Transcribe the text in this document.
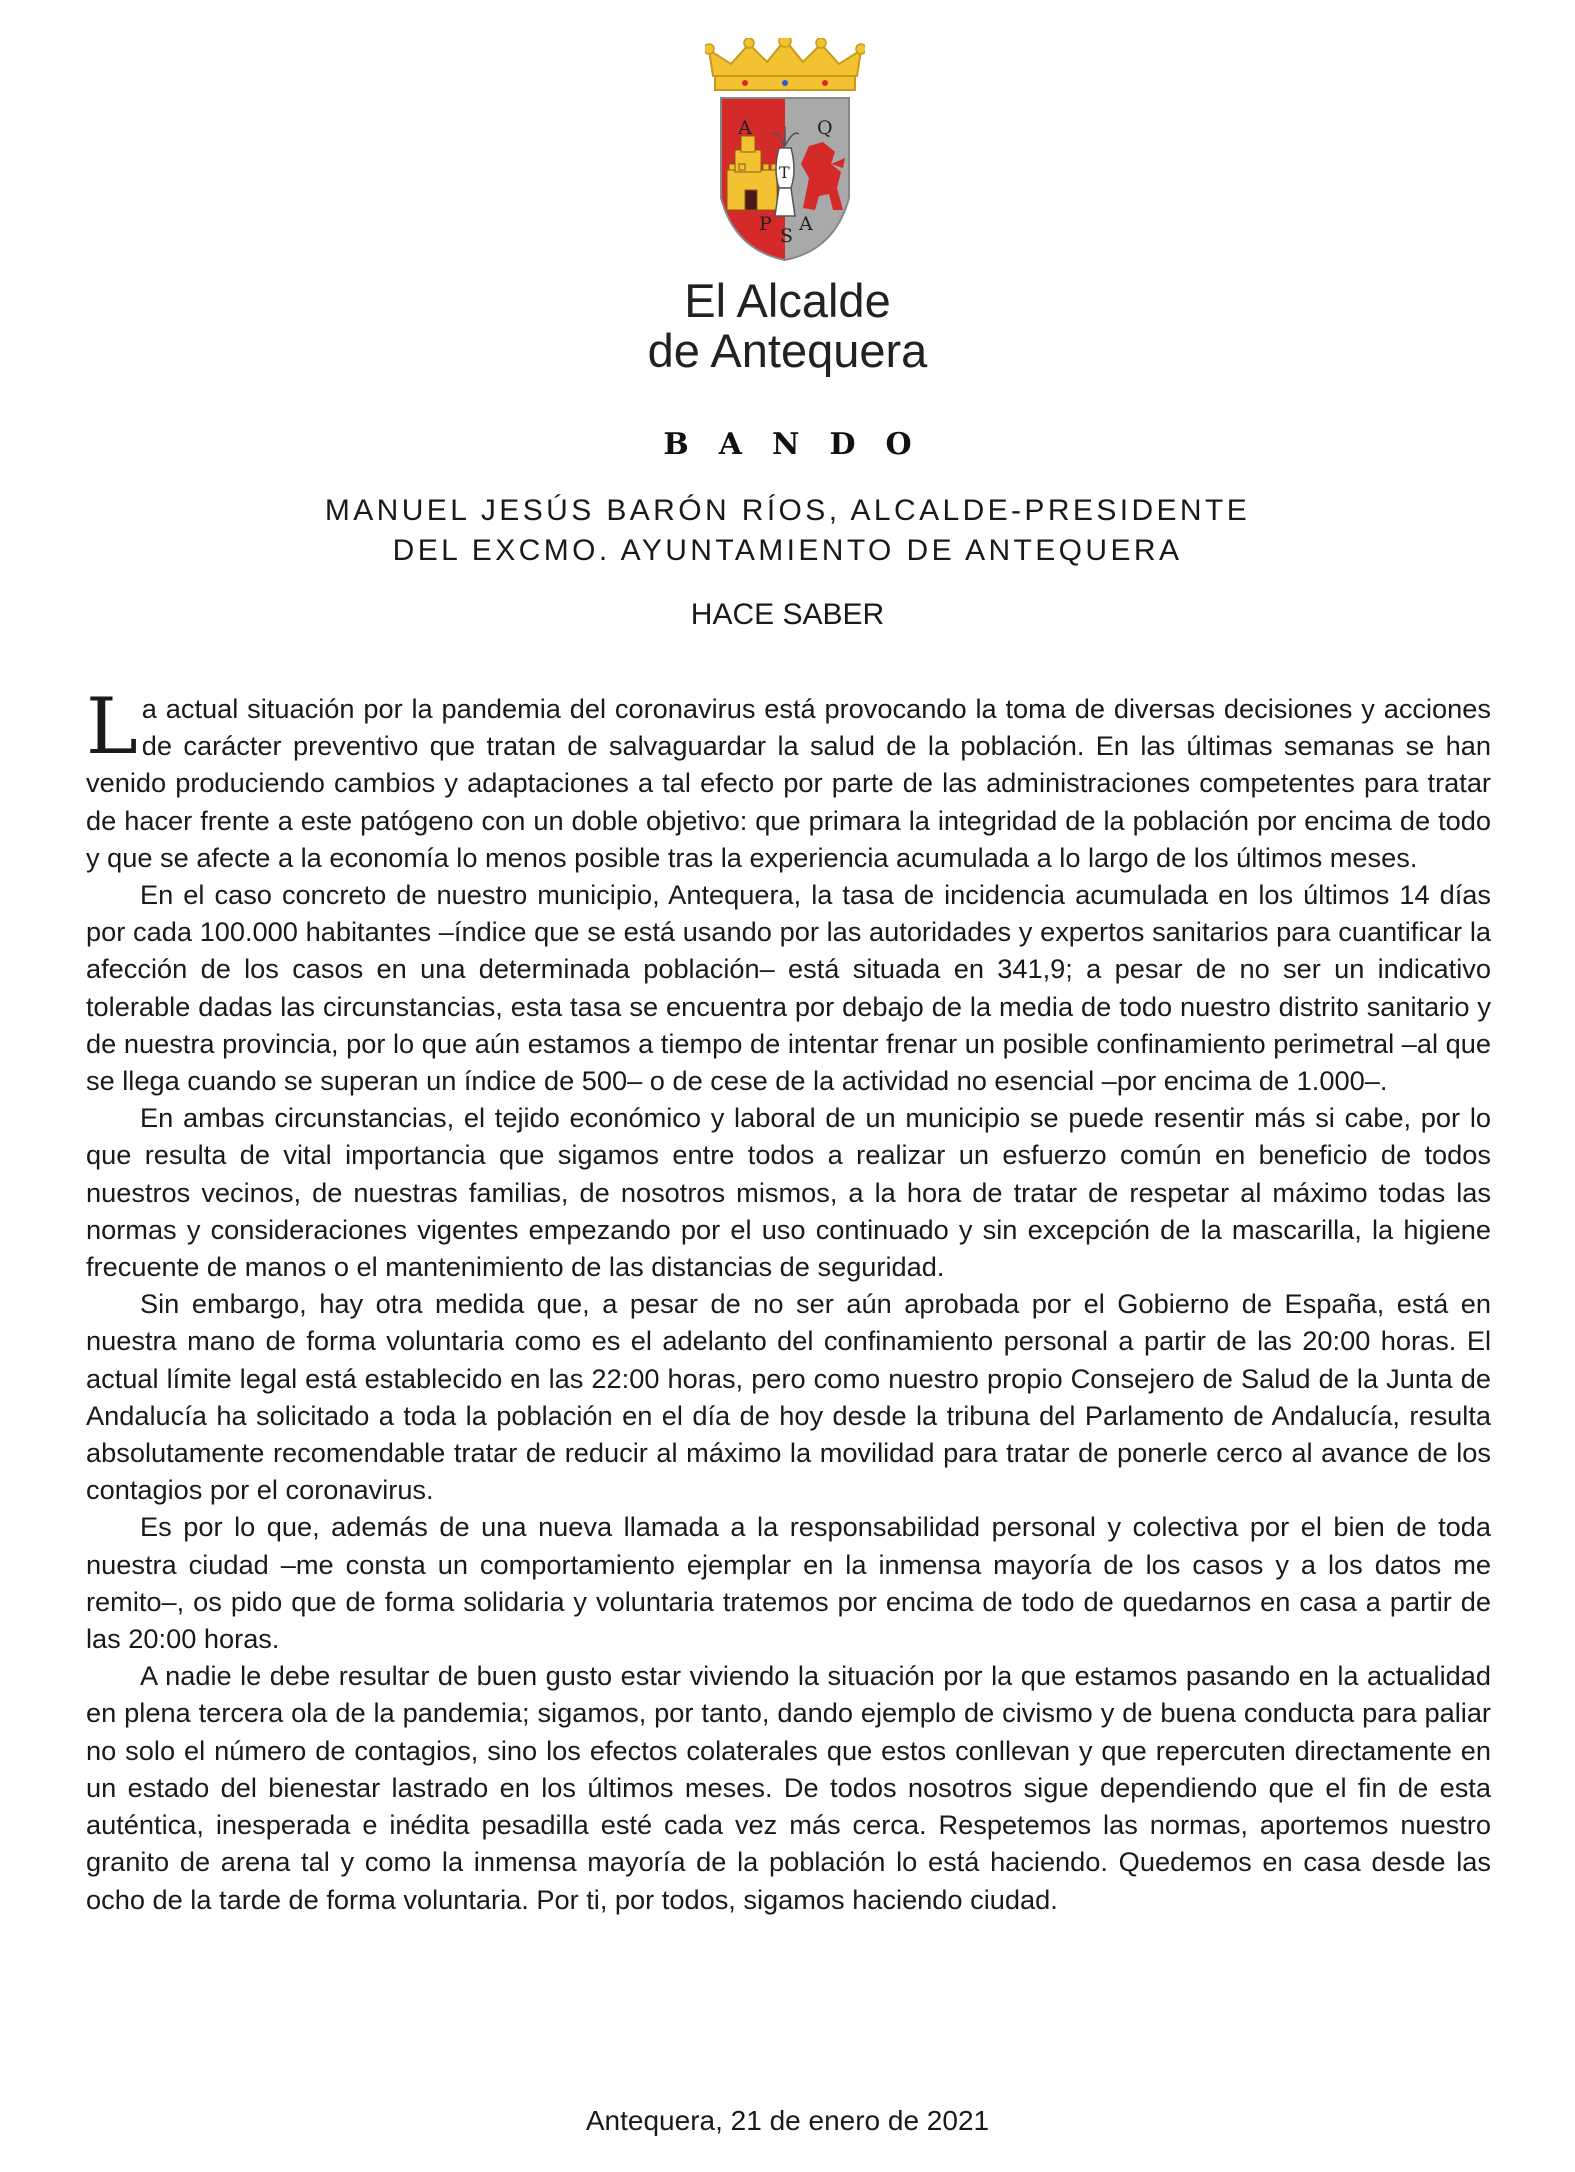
A	Q
T
P
S
A
El Alcalde
de Antequera
BANDO
MANUEL JESÚS BARÓN RÍOS, ALCALDE-PRESIDENTE
DEL EXCMO. AYUNTAMIENTO DE ANTEQUERA
HACE SABER

La actual situación por la pandemia del coronavirus está provocando la toma de diversas decisiones y acciones de carácter preventivo que tratan de salvaguardar la salud de la población. En las últimas semanas se han venido produciendo cambios y adaptaciones a tal efecto por parte de las administraciones competentes para tratar de hacer frente a este patógeno con un doble objetivo: que primara la integridad de la población por encima de todo y que se afecte a la economía lo menos posible tras la experiencia acumulada a lo largo de los últimos meses.

En el caso concreto de nuestro municipio, Antequera, la tasa de incidencia acumulada en los últimos 14 días por cada 100.000 habitantes –índice que se está usando por las autoridades y expertos sanitarios para cuantificar la afección de los casos en una determinada población– está situada en 341,9; a pesar de no ser un indicativo tolerable dadas las circunstancias, esta tasa se encuentra por debajo de la media de todo nuestro distrito sanitario y de nuestra provincia, por lo que aún estamos a tiempo de intentar frenar un posible confinamiento perimetral –al que se llega cuando se superan un índice de 500– o de cese de la actividad no esencial –por encima de 1.000–.

En ambas circunstancias, el tejido económico y laboral de un municipio se puede resentir más si cabe, por lo que resulta de vital importancia que sigamos entre todos a realizar un esfuerzo común en beneficio de todos nuestros vecinos, de nuestras familias, de nosotros mismos, a la hora de tratar de respetar al máximo todas las normas y consideraciones vigentes empezando por el uso continuado y sin excepción de la mascarilla, la higiene frecuente de manos o el mantenimiento de las distancias de seguridad.

Sin embargo, hay otra medida que, a pesar de no ser aún aprobada por el Gobierno de España, está en nuestra mano de forma voluntaria como es el adelanto del confinamiento personal a partir de las 20:00 horas. El actual límite legal está establecido en las 22:00 horas, pero como nuestro propio Consejero de Salud de la Junta de Andalucía ha solicitado a toda la población en el día de hoy desde la tribuna del Parlamento de Andalucía, resulta absolutamente recomendable tratar de reducir al máximo la movilidad para tratar de ponerle cerco al avance de los contagios por el coronavirus.

Es por lo que, además de una nueva llamada a la responsabilidad personal y colectiva por el bien de toda nuestra ciudad –me consta un comportamiento ejemplar en la inmensa mayoría de los casos y a los datos me remito–, os pido que de forma solidaria y voluntaria tratemos por encima de todo de quedarnos en casa a partir de las 20:00 horas.

A nadie le debe resultar de buen gusto estar viviendo la situación por la que estamos pasando en la actualidad en plena tercera ola de la pandemia; sigamos, por tanto, dando ejemplo de civismo y de buena conducta para paliar no solo el número de contagios, sino los efectos colaterales que estos conllevan y que repercuten directamente en un estado del bienestar lastrado en los últimos meses. De todos nosotros sigue dependiendo que el fin de esta auténtica, inesperada e inédita pesadilla esté cada vez más cerca. Respetemos las normas, aportemos nuestro granito de arena tal y como la inmensa mayoría de la población lo está haciendo. Quedemos en casa desde las ocho de la tarde de forma voluntaria. Por ti, por todos, sigamos haciendo ciudad.

Antequera, 21 de enero de 2021
